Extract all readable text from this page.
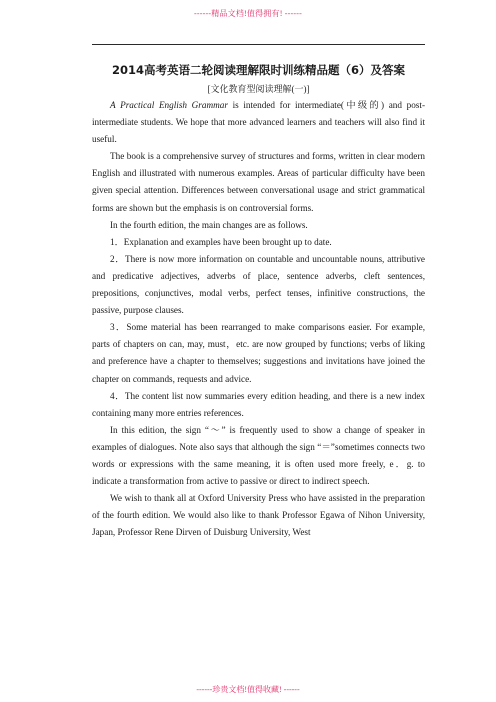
------精品文档!值得拥有! ------
2014高考英语二轮阅读理解限时训练精品题（6）及答案
[文化教育型阅读理解(一)]

A Practical English Grammar is intended for intermediate(中级的) and post-intermediate students. We hope that more advanced learners and teachers will also find it useful.

The book is a comprehensive survey of structures and forms, written in clear modern English and illustrated with numerous examples. Areas of particular difficulty have been given special attention. Differences between conversational usage and strict grammatical forms are shown but the emphasis is on controversial forms.

In the fourth edition, the main changes are as follows.

1．Explanation and examples have been brought up to date.

2．There is now more information on countable and uncountable nouns, attributive and predicative adjectives, adverbs of place, sentence adverbs, cleft sentences, prepositions, conjunctives, modal verbs, perfect tenses, infinitive constructions, the passive, purpose clauses.

3．Some material has been rearranged to make comparisons easier. For example, parts of chapters on can, may, must，etc. are now grouped by functions; verbs of liking and preference have a chapter to themselves; suggestions and invitations have joined the chapter on commands, requests and advice.

4．The content list now summaries every edition heading, and there is a new index containing many more entries references.

In this edition, the sign “～” is frequently used to show a change of speaker in examples of dialogues. Note also says that although the sign “＝”sometimes connects two words or expressions with the same meaning, it is often used more freely, e．g. to indicate a transformation from active to passive or direct to indirect speech.

We wish to thank all at Oxford University Press who have assisted in the preparation of the fourth edition. We would also like to thank Professor Egawa of Nihon University, Japan, Professor Rene Dirven of Duisburg University, West

------珍贵文档!值得收藏! ------
